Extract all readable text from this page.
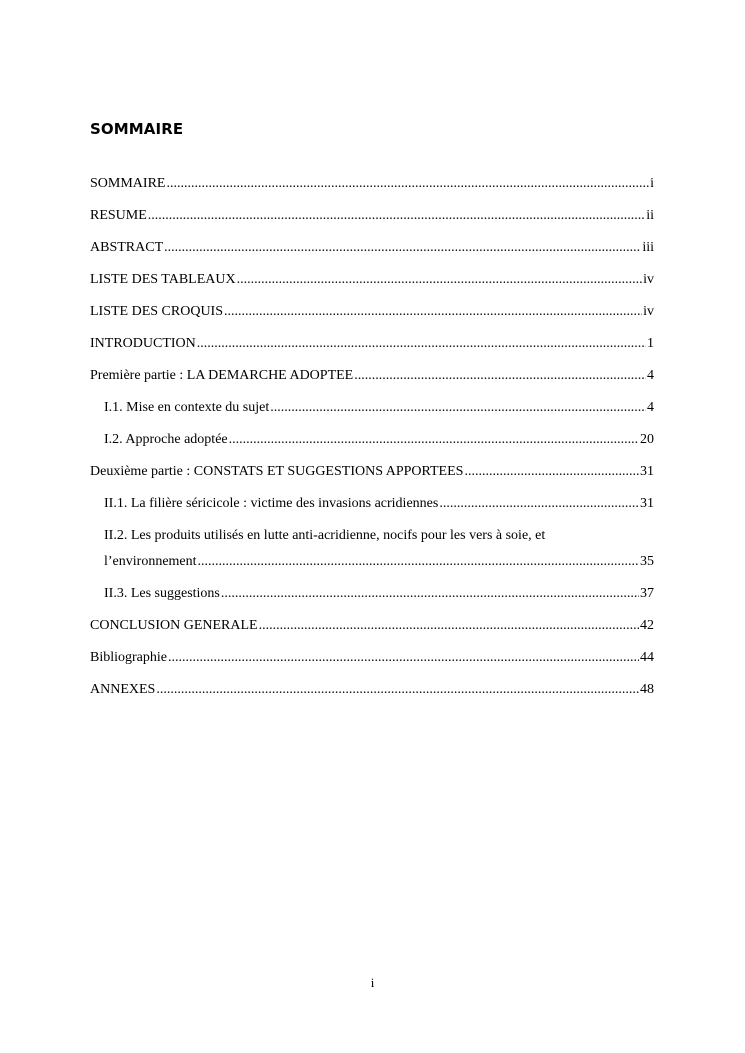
SOMMAIRE
SOMMAIRE .....	i
RESUME .....	ii
ABSTRACT .....	iii
LISTE DES TABLEAUX .....	iv
LISTE DES CROQUIS .....	iv
INTRODUCTION .....	1
Première partie : LA DEMARCHE ADOPTEE .....	4
I.1. Mise en contexte du sujet .....	4
I.2. Approche adoptée .....	20
Deuxième partie : CONSTATS ET SUGGESTIONS APPORTEES .....	31
II.1. La filière séricicole : victime des invasions acridiennes .....	31
II.2. Les produits utilisés en lutte anti-acridienne, nocifs pour les vers à soie, et
l’environnement .....	35
II.3. Les suggestions .....	37
CONCLUSION GENERALE .....	42
Bibliographie .....	44
ANNEXES .....	48
i
